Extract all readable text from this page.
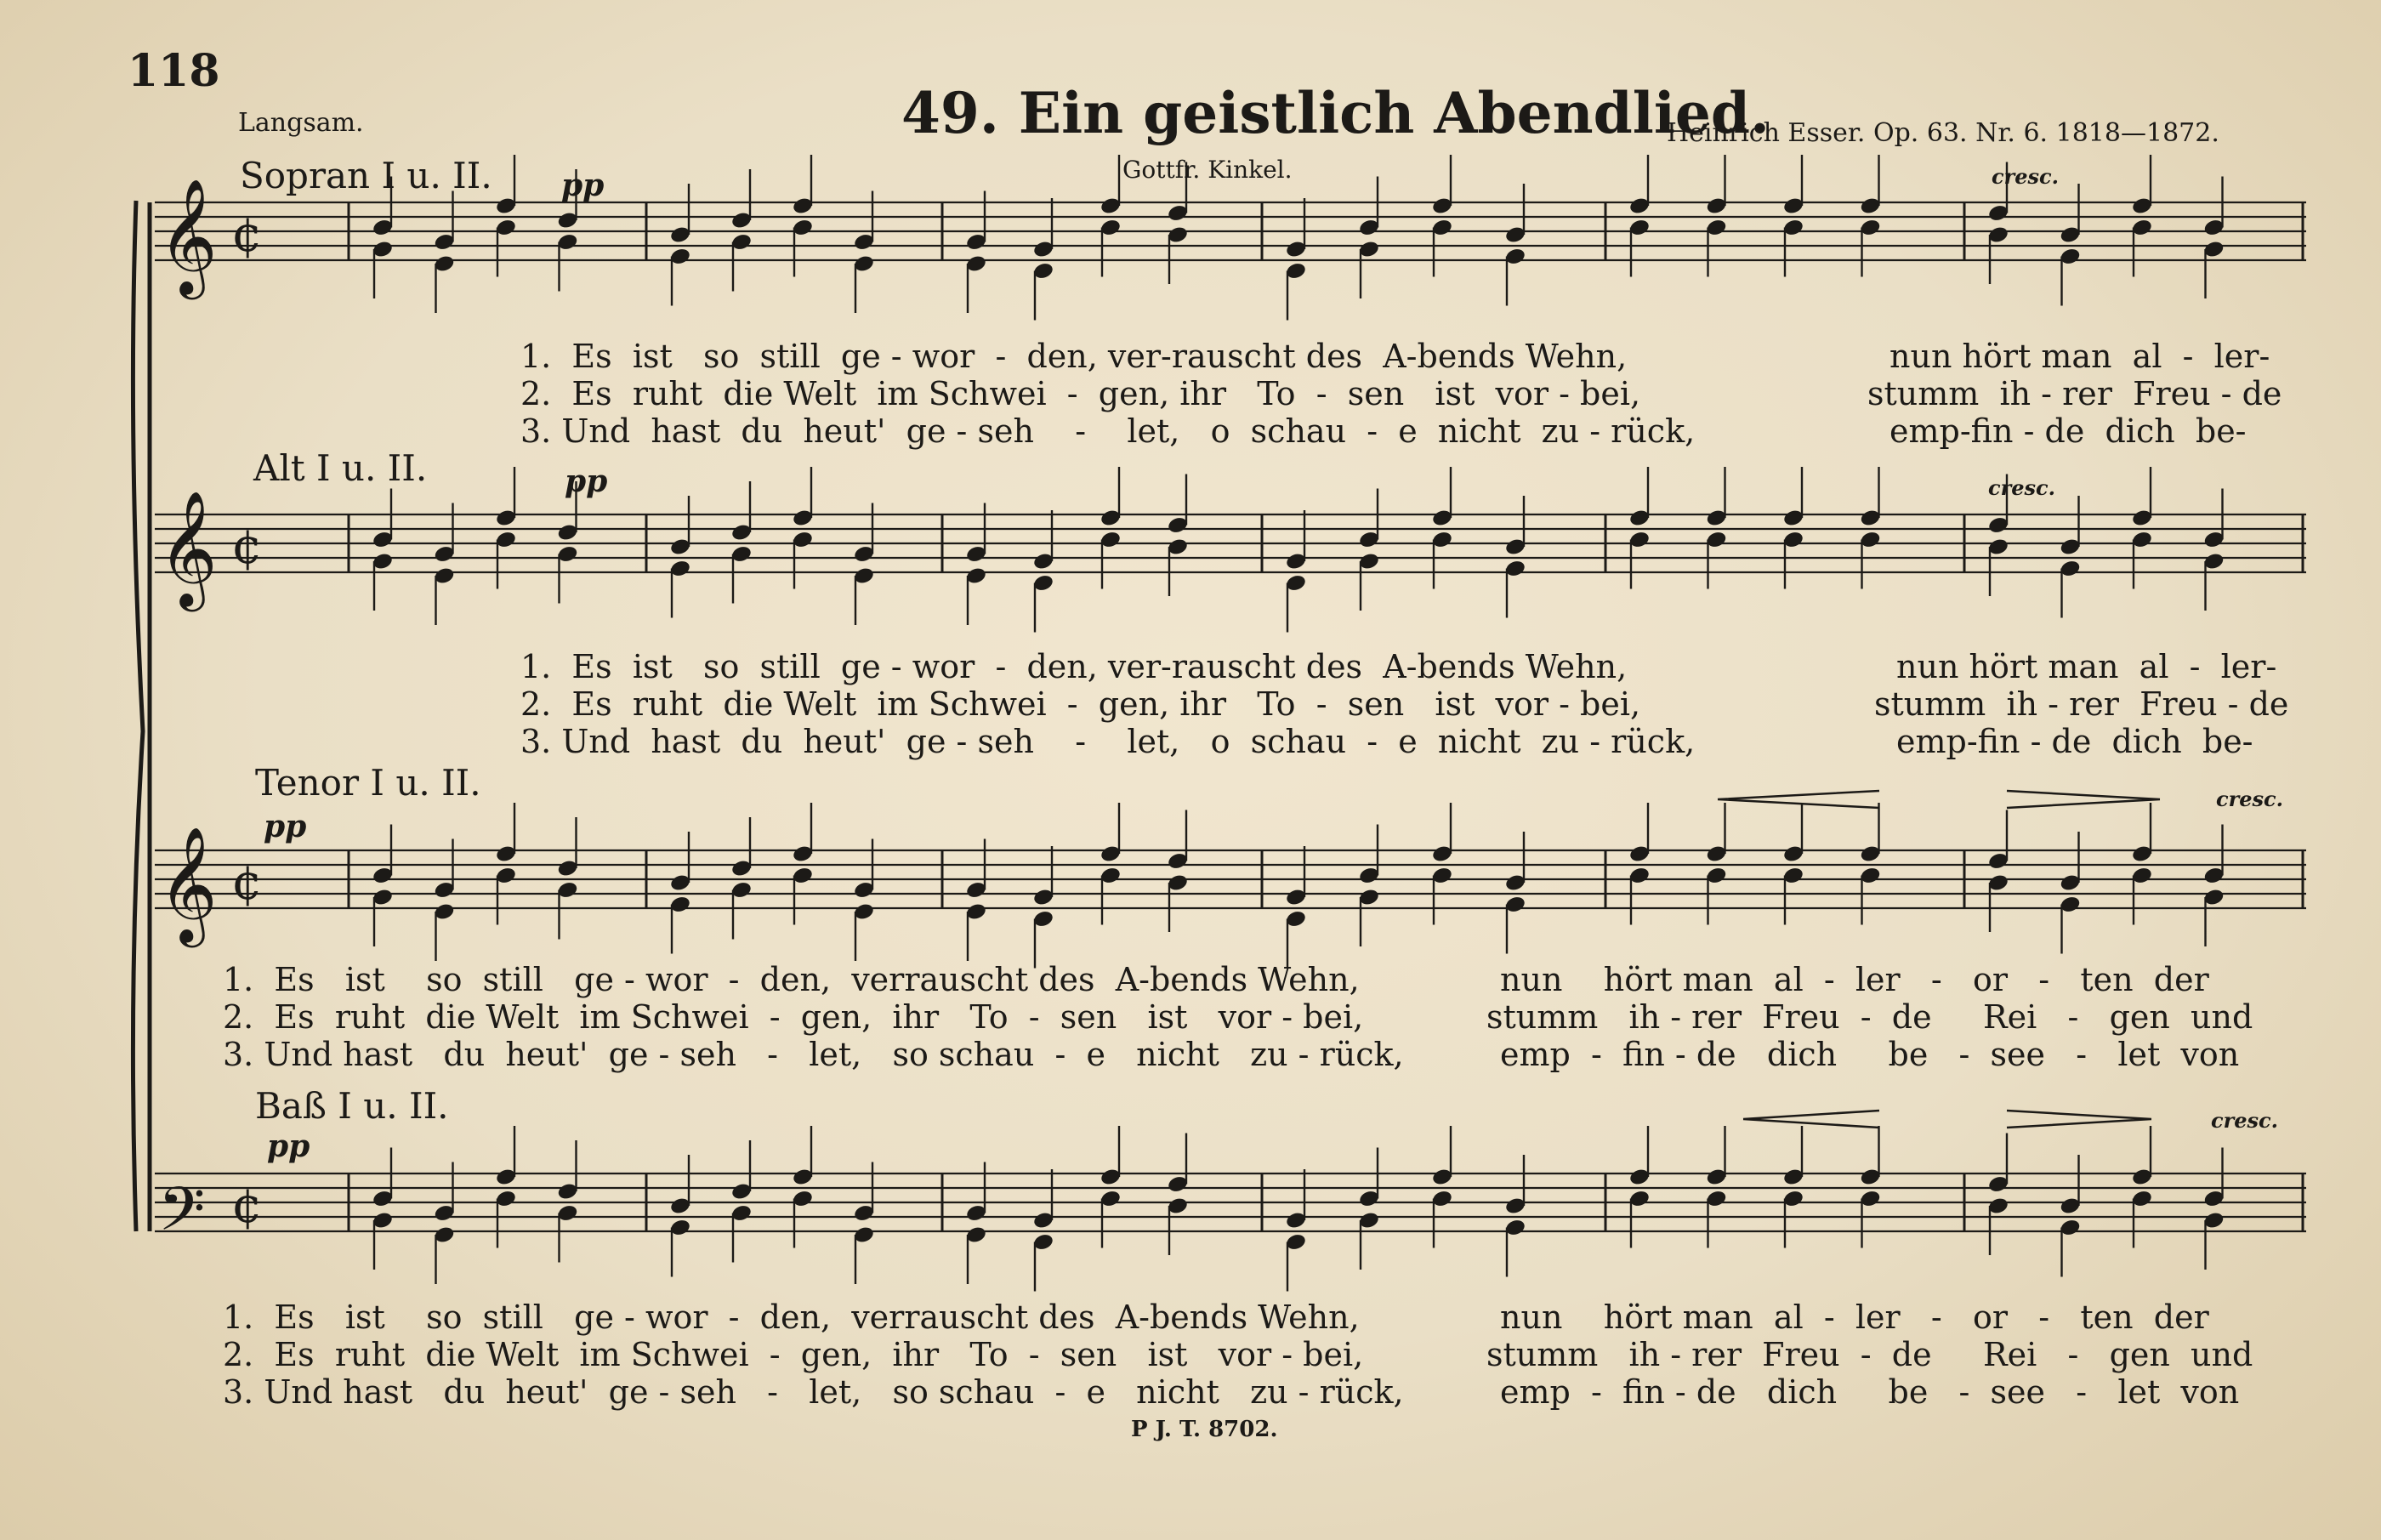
𝄞 ¢
𝄞 ¢
𝄞 ¢
𝄢 ¢
118
Langsam.	49. Ein geistlich Abendlied.
Heinrich Esser. Op. 63. Nr. 6. 1818—1872.
Gottfr. Kinkel.
Sopran I u. II.
Alt I u. II.
Tenor I u. II.
Baß I u. II.
pp
pp
pp
pp
cresc.
cresc.
cresc.
cresc.
1.  Es  ist   so  still  ge - wor  -  den, ver-rauscht des  A-bends Wehn,
2.  Es  ruht  die Welt  im Schwei  -  gen, ihr   To  -  sen   ist  vor - bei,
3. Und  hast  du  heut'  ge - seh    -    let,   o  schau  -  e  nicht  zu - rück,
nun hört man  al  -  ler-
stumm  ih - rer  Freu - de
emp-fin - de  dich  be-
1.  Es  ist   so  still  ge - wor  -  den, ver-rauscht des  A-bends Wehn,
2.  Es  ruht  die Welt  im Schwei  -  gen, ihr   To  -  sen   ist  vor - bei,
3. Und  hast  du  heut'  ge - seh    -    let,   o  schau  -  e  nicht  zu - rück,
nun hört man  al  -  ler-
stumm  ih - rer  Freu - de
emp-fin - de  dich  be-
1.  Es   ist    so  still   ge - wor  -  den,  verrauscht des  A-bends Wehn,
2.  Es  ruht  die Welt  im Schwei  -  gen,  ihr   To  -  sen   ist   vor - bei,
3. Und hast   du  heut'  ge - seh   -   let,   so schau  -  e   nicht   zu - rück,
nun    hört man  al  -  ler   -   or   -   ten  der
stumm   ih - rer  Freu  -  de     Rei   -   gen  und
emp  -  fin - de   dich     be   -  see   -   let  von
1.  Es   ist    so  still   ge - wor  -  den,  verrauscht des  A-bends Wehn,
2.  Es  ruht  die Welt  im Schwei  -  gen,  ihr   To  -  sen   ist   vor - bei,
3. Und hast   du  heut'  ge - seh   -   let,   so schau  -  e   nicht   zu - rück,
nun    hört man  al  -  ler   -   or   -   ten  der
stumm   ih - rer  Freu  -  de     Rei   -   gen  und
emp  -  fin - de   dich     be   -  see   -   let  von
P J. T. 8702.
